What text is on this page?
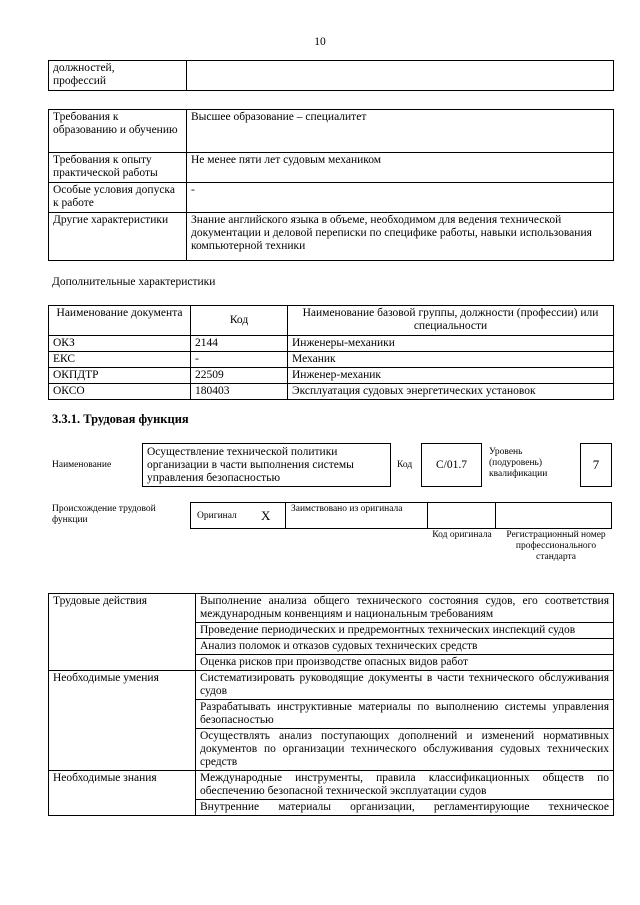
10
должностей,
профессий	
Требования к образованию и обучению	Высшее образование – специалитет
Требования к опыту практической работы	Не менее пяти лет судовым механиком
Особые условия допуска к работе	-
Другие характеристики	Знание английского языка в объеме, необходимом для ведения технической документации и деловой переписки по специфике работы, навыки использования компьютерной техники
Дополнительные характеристики
Наименование документа	Код	Наименование базовой группы, должности (профессии) или специальности
ОКЗ	2144	Инженеры-механики
ЕКС	-	Механик
ОКПДТР	22509	Инженер-механик
ОКСО	180403	Эксплуатация судовых энергетических установок
3.3.1. Трудовая функция
Наименование
Осуществление технической политики организации в части выполнения системы управления безопасностью
Код	C/01.7
Уровень (подуровень) квалификации
7
Происхождение трудовой функции	Оригинал X Заимствовано из оригинала
Код оригинала	Регистрационный номер профессионального стандарта
Трудовые действия	Выполнение анализа общего технического состояния судов, его соответствия международным конвенциям и национальным требованиям
	Проведение периодических и предремонтных технических инспекций судов
	Анализ поломок и отказов судовых технических средств
	Оценка рисков при производстве опасных видов работ
Необходимые умения	Систематизировать руководящие документы в части технического обслуживания судов
	Разрабатывать инструктивные материалы по выполнению системы управления безопасностью
	Осуществлять анализ поступающих дополнений и изменений нормативных документов по организации технического обслуживания судовых технических средств
Необходимые знания	Международные инструменты, правила классификационных обществ по обеспечению безопасной технической эксплуатации судов
	Внутренние материалы организации, регламентирующие техническое
